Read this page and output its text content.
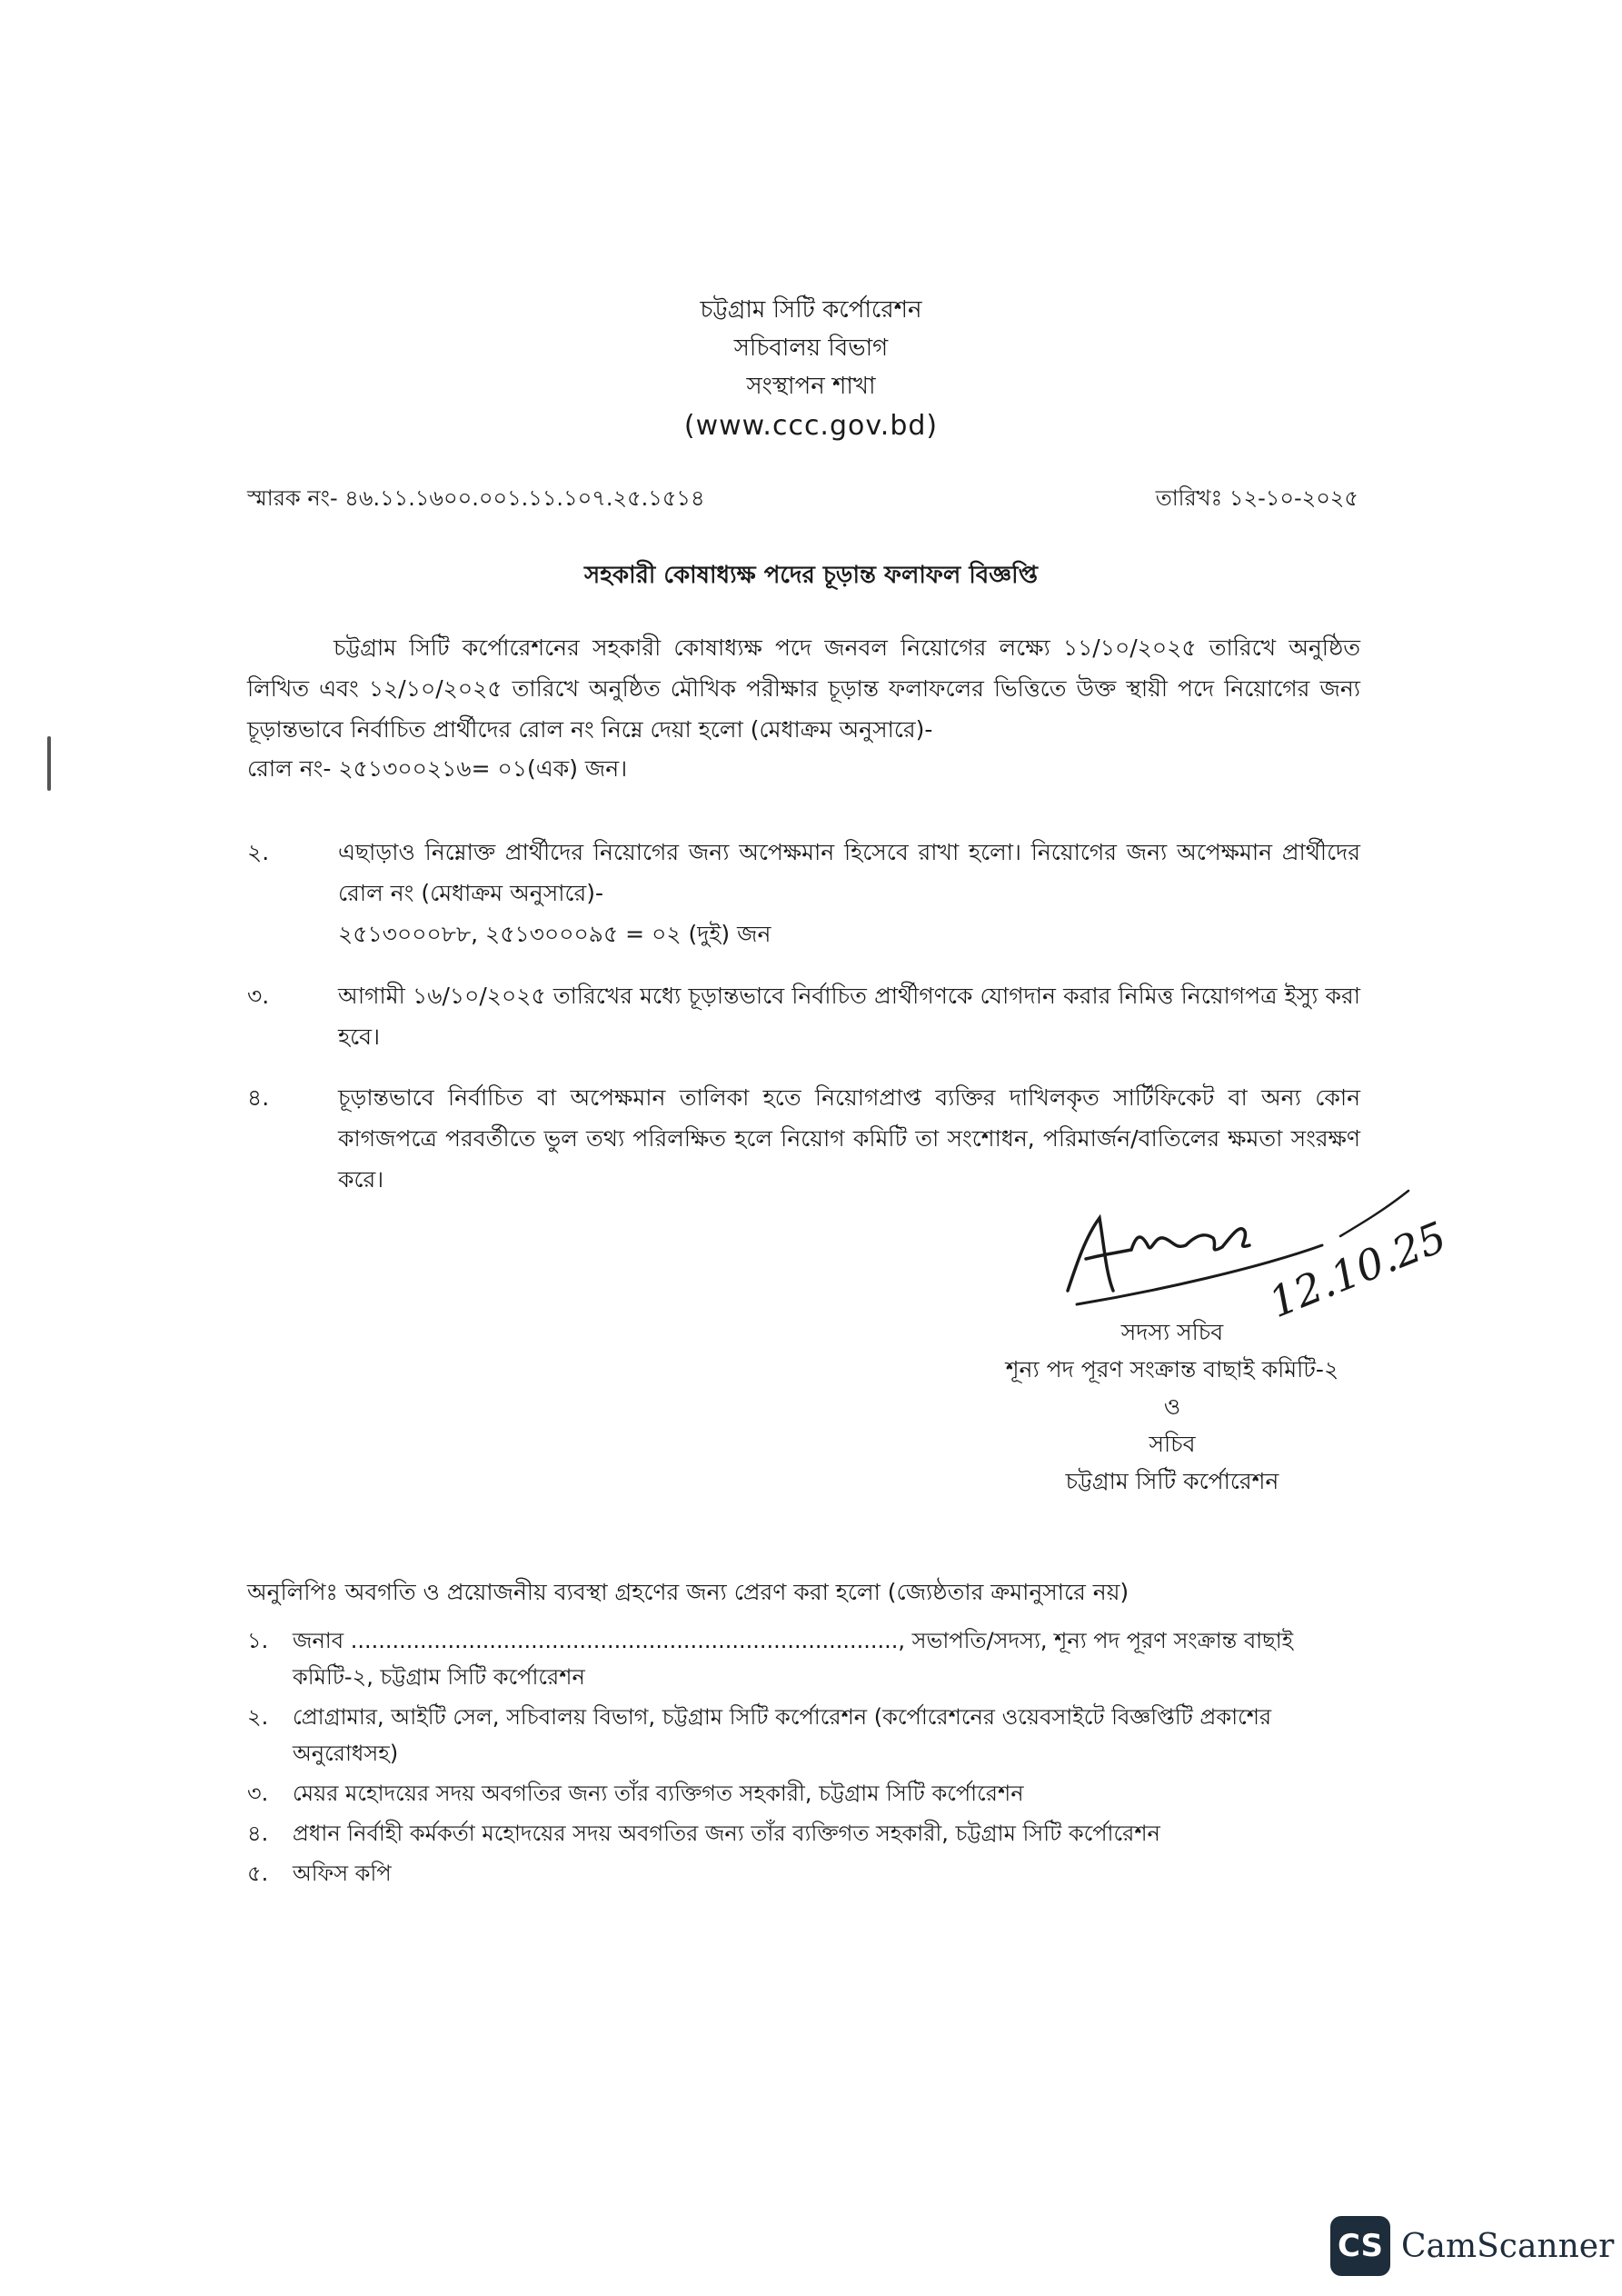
চট্টগ্রাম সিটি কর্পোরেশন
সচিবালয় বিভাগ
সংস্থাপন শাখা
(www.ccc.gov.bd)
স্মারক নং- ৪৬.১১.১৬০০.০০১.১১.১০৭.২৫.১৫১৪	তারিখঃ ১২-১০-২০২৫
সহকারী কোষাধ্যক্ষ পদের চূড়ান্ত ফলাফল বিজ্ঞপ্তি
চট্টগ্রাম সিটি কর্পোরেশনের সহকারী কোষাধ্যক্ষ পদে জনবল নিয়োগের লক্ষ্যে ১১/১০/২০২৫ তারিখে অনুষ্ঠিত লিখিত এবং ১২/১০/২০২৫ তারিখে অনুষ্ঠিত মৌখিক পরীক্ষার চূড়ান্ত ফলাফলের ভিত্তিতে উক্ত স্থায়ী পদে নিয়োগের জন্য চূড়ান্তভাবে নির্বাচিত প্রার্থীদের রোল নং নিম্নে দেয়া হলো (মেধাক্রম অনুসারে)-
রোল নং- ২৫১৩০০২১৬= ০১(এক) জন।
২.	এছাড়াও নিম্নোক্ত প্রার্থীদের নিয়োগের জন্য অপেক্ষমান হিসেবে রাখা হলো। নিয়োগের জন্য অপেক্ষমান প্রার্থীদের রোল নং (মেধাক্রম অনুসারে)-
২৫১৩০০০৮৮, ২৫১৩০০০৯৫ = ০২ (দুই) জন
৩.	আগামী ১৬/১০/২০২৫ তারিখের মধ্যে চূড়ান্তভাবে নির্বাচিত প্রার্থীগণকে যোগদান করার নিমিত্ত নিয়োগপত্র ইস্যু করা হবে।
৪.	চূড়ান্তভাবে নির্বাচিত বা অপেক্ষমান তালিকা হতে নিয়োগপ্রাপ্ত ব্যক্তির দাখিলকৃত সার্টিফিকেট বা অন্য কোন কাগজপত্রে পরবর্তীতে ভুল তথ্য পরিলক্ষিত হলে নিয়োগ কমিটি তা সংশোধন, পরিমার্জন/বাতিলের ক্ষমতা সংরক্ষণ করে।
12.10.25
সদস্য সচিব
শূন্য পদ পূরণ সংক্রান্ত বাছাই কমিটি-২
ও
সচিব
চট্টগ্রাম সিটি কর্পোরেশন
অনুলিপিঃ অবগতি ও প্রয়োজনীয় ব্যবস্থা গ্রহণের জন্য প্রেরণ করা হলো (জ্যেষ্ঠতার ক্রমানুসারে নয়)
১. জনাব ..............................................................................., সভাপতি/সদস্য, শূন্য পদ পূরণ সংক্রান্ত বাছাই কমিটি-২, চট্টগ্রাম সিটি কর্পোরেশন
২. প্রোগ্রামার, আইটি সেল, সচিবালয় বিভাগ, চট্টগ্রাম সিটি কর্পোরেশন (কর্পোরেশনের ওয়েবসাইটে বিজ্ঞপ্তিটি প্রকাশের অনুরোধসহ)
৩. মেয়র মহোদয়ের সদয় অবগতির জন্য তাঁর ব্যক্তিগত সহকারী, চট্টগ্রাম সিটি কর্পোরেশন
৪. প্রধান নির্বাহী কর্মকর্তা মহোদয়ের সদয় অবগতির জন্য তাঁর ব্যক্তিগত সহকারী, চট্টগ্রাম সিটি কর্পোরেশন
৫. অফিস কপি
CS CamScanner
